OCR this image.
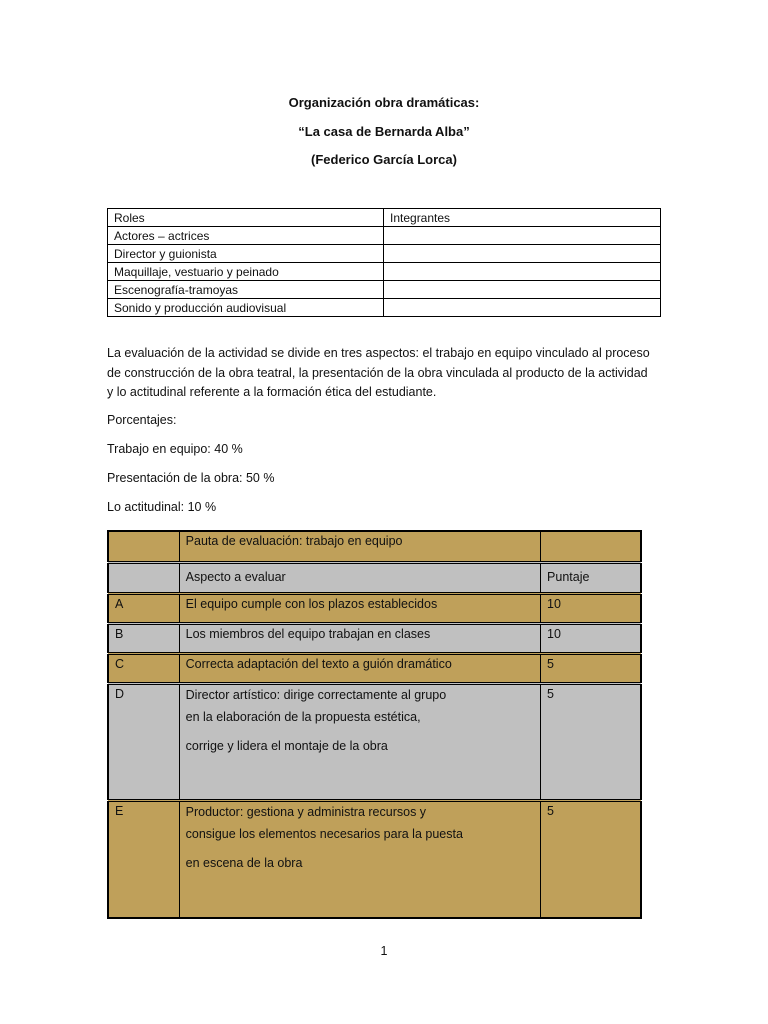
Organización obra dramáticas:
“La casa de Bernarda Alba”
(Federico García Lorca)
Roles	Integrantes
Actores – actrices	
Director y guionista	
Maquillaje, vestuario y peinado	
Escenografía-tramoyas	
Sonido y producción audiovisual	
La evaluación de la actividad se divide en tres aspectos: el trabajo en equipo vinculado al proceso
de construcción de la obra teatral, la presentación de la obra vinculada al producto de la actividad
y lo actitudinal referente a la formación ética del estudiante.
Porcentajes:
Trabajo en equipo: 40 %
Presentación de la obra: 50 %
Lo actitudinal: 10 %
	Pauta de evaluación: trabajo en equipo	
	Aspecto a evaluar	Puntaje
A	El equipo cumple con los plazos establecidos	10
B	Los miembros del equipo trabajan en clases	10
C	Correcta adaptación del texto a guión dramático	5
D	Director artístico: dirige correctamente al grupo
en la elaboración de la propuesta estética,
corrige y lidera el montaje de la obra	5
E	Productor: gestiona y administra recursos y
consigue los elementos necesarios para la puesta
en escena de la obra	5
1
